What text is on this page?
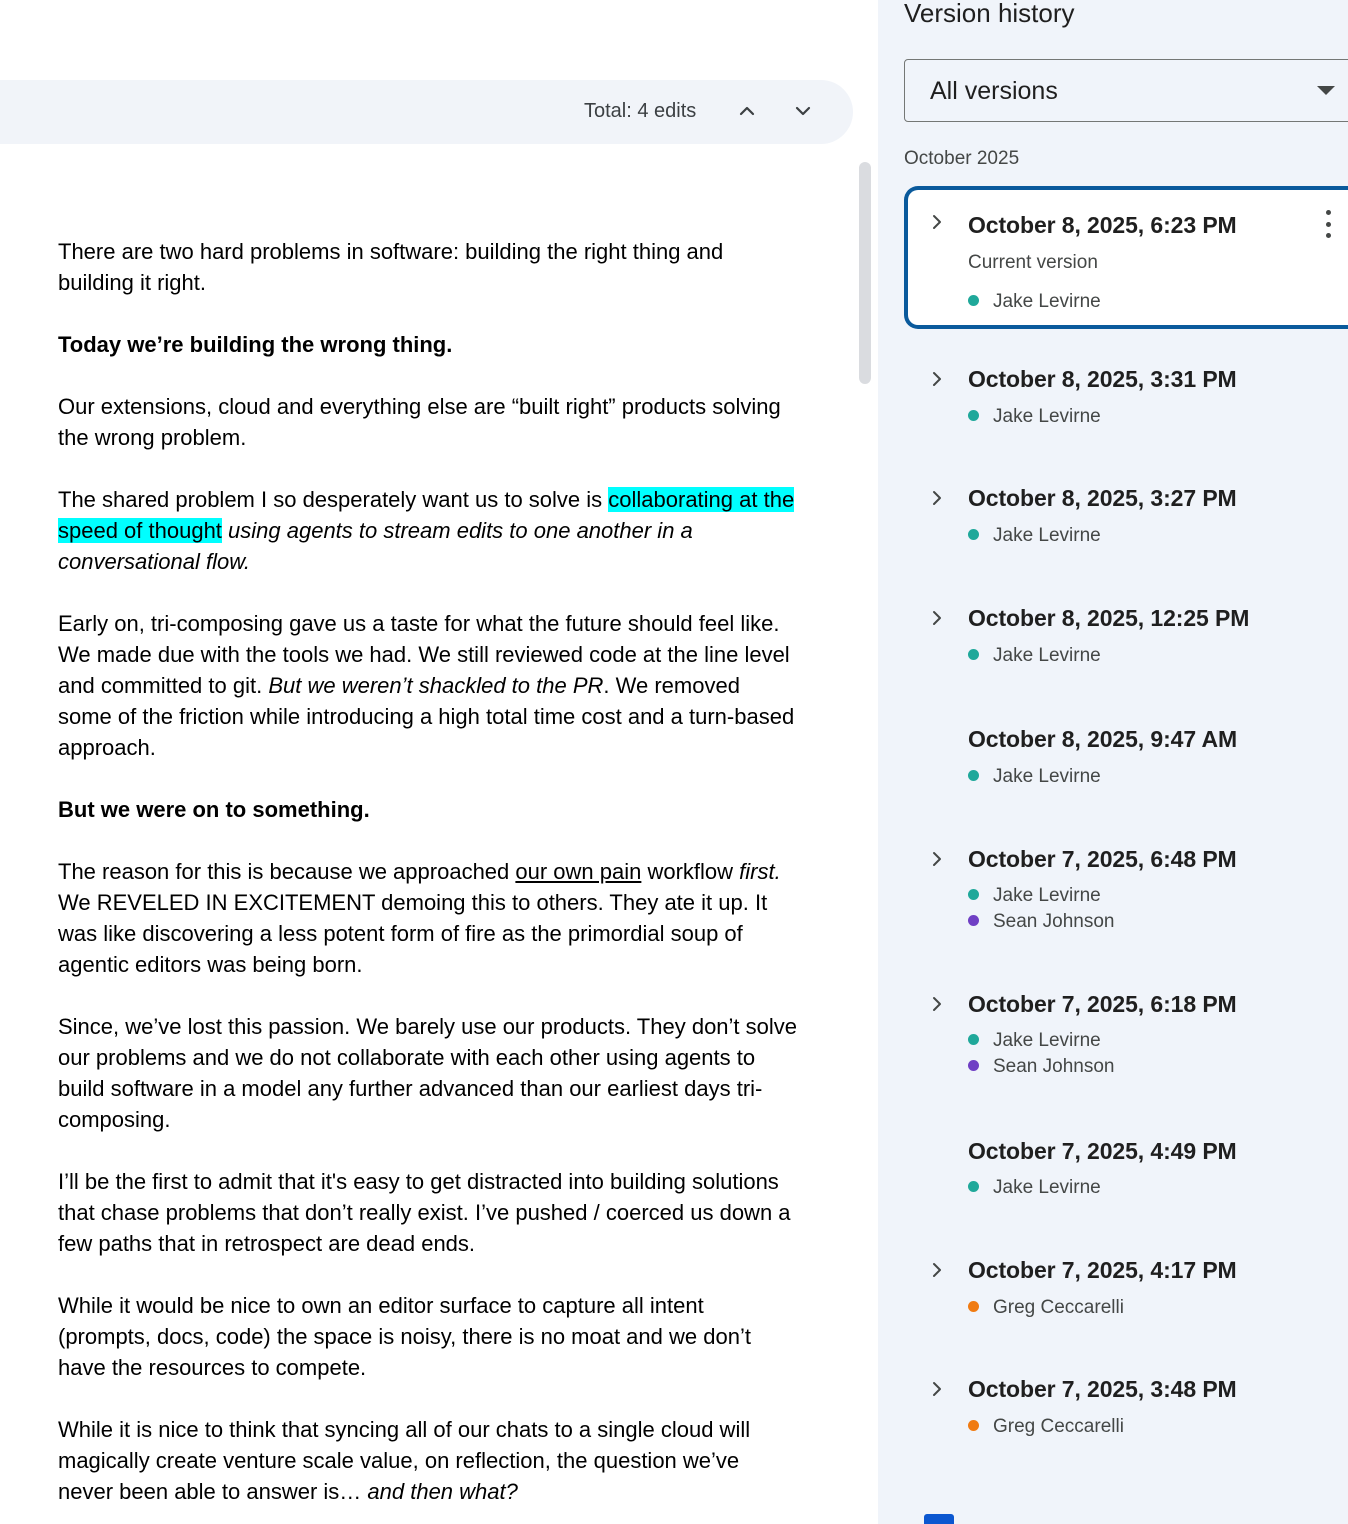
Total: 4 edits

There are two hard problems in software: building the right thing and building it right.

Today we’re building the wrong thing.

Our extensions, cloud and everything else are “built right” products solving the wrong problem.

The shared problem I so desperately want us to solve is collaborating at the speed of thought using agents to stream edits to one another in a conversational flow.

Early on, tri-composing gave us a taste for what the future should feel like. We made due with the tools we had. We still reviewed code at the line level and committed to git. But we weren’t shackled to the PR. We removed some of the friction while introducing a high total time cost and a turn-based approach.

But we were on to something.

The reason for this is because we approached our own pain workflow first. We REVELED IN EXCITEMENT demoing this to others. They ate it up. It was like discovering a less potent form of fire as the primordial soup of agentic editors was being born.

Since, we’ve lost this passion. We barely use our products. They don’t solve our problems and we do not collaborate with each other using agents to build software in a model any further advanced than our earliest days tri-composing.

I’ll be the first to admit that it's easy to get distracted into building solutions that chase problems that don’t really exist. I’ve pushed / coerced us down a few paths that in retrospect are dead ends.

While it would be nice to own an editor surface to capture all intent (prompts, docs, code) the space is noisy, there is no moat and we don’t have the resources to compete.

While it is nice to think that syncing all of our chats to a single cloud will magically create venture scale value, on reflection, the question we’ve never been able to answer is… and then what?

Version history
All versions
October 2025
October 8, 2025, 6:23 PM
Current version
Jake Levirne
October 8, 2025, 3:31 PM
Jake Levirne
October 8, 2025, 3:27 PM
Jake Levirne
October 8, 2025, 12:25 PM
Jake Levirne
October 8, 2025, 9:47 AM
Jake Levirne
October 7, 2025, 6:48 PM
Jake Levirne
Sean Johnson
October 7, 2025, 6:18 PM
Jake Levirne
Sean Johnson
October 7, 2025, 4:49 PM
Jake Levirne
October 7, 2025, 4:17 PM
Greg Ceccarelli
October 7, 2025, 3:48 PM
Greg Ceccarelli
